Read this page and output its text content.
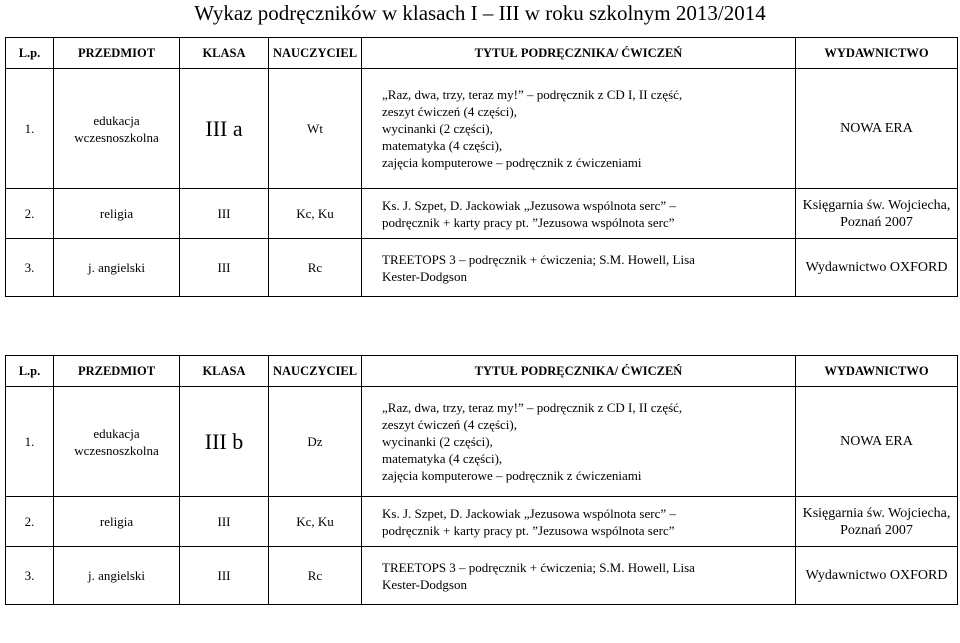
Wykaz podręczników w klasach I – III w roku szkolnym 2013/2014
L.p.	PRZEDMIOT	KLASA	NAUCZYCIEL	TYTUŁ PODRĘCZNIKA/ ĆWICZEŃ	WYDAWNICTWO
1.	edukacja
wczesnoszkolna	III a	Wt	„Raz, dwa, trzy, teraz my!” – podręcznik z CD I, II część,
zeszyt ćwiczeń (4 części),
wycinanki (2 części),
matematyka (4 części),
zajęcia komputerowe – podręcznik z ćwiczeniami	NOWA ERA

2.	religia	III	Kc, Ku	Ks. J. Szpet, D. Jackowiak „Jezusowa wspólnota serc” –
podręcznik + karty pracy pt. ”Jezusowa wspólnota serc”	Księgarnia św. Wojciecha,
Poznań 2007

3.	j. angielski	III	Rc	TREETOPS 3 – podręcznik + ćwiczenia; S.M. Howell, Lisa
Kester-Dodgson	Wydawnictwo OXFORD
L.p.	PRZEDMIOT	KLASA	NAUCZYCIEL	TYTUŁ PODRĘCZNIKA/ ĆWICZEŃ	WYDAWNICTWO
1.	edukacja
wczesnoszkolna	III b	Dz	„Raz, dwa, trzy, teraz my!” – podręcznik z CD I, II część,
zeszyt ćwiczeń (4 części),
wycinanki (2 części),
matematyka (4 części),
zajęcia komputerowe – podręcznik z ćwiczeniami	NOWA ERA

2.	religia	III	Kc, Ku	Ks. J. Szpet, D. Jackowiak „Jezusowa wspólnota serc” –
podręcznik + karty pracy pt. ”Jezusowa wspólnota serc”	Księgarnia św. Wojciecha,
Poznań 2007

3.	j. angielski	III	Rc	TREETOPS 3 – podręcznik + ćwiczenia; S.M. Howell, Lisa
Kester-Dodgson	Wydawnictwo OXFORD
